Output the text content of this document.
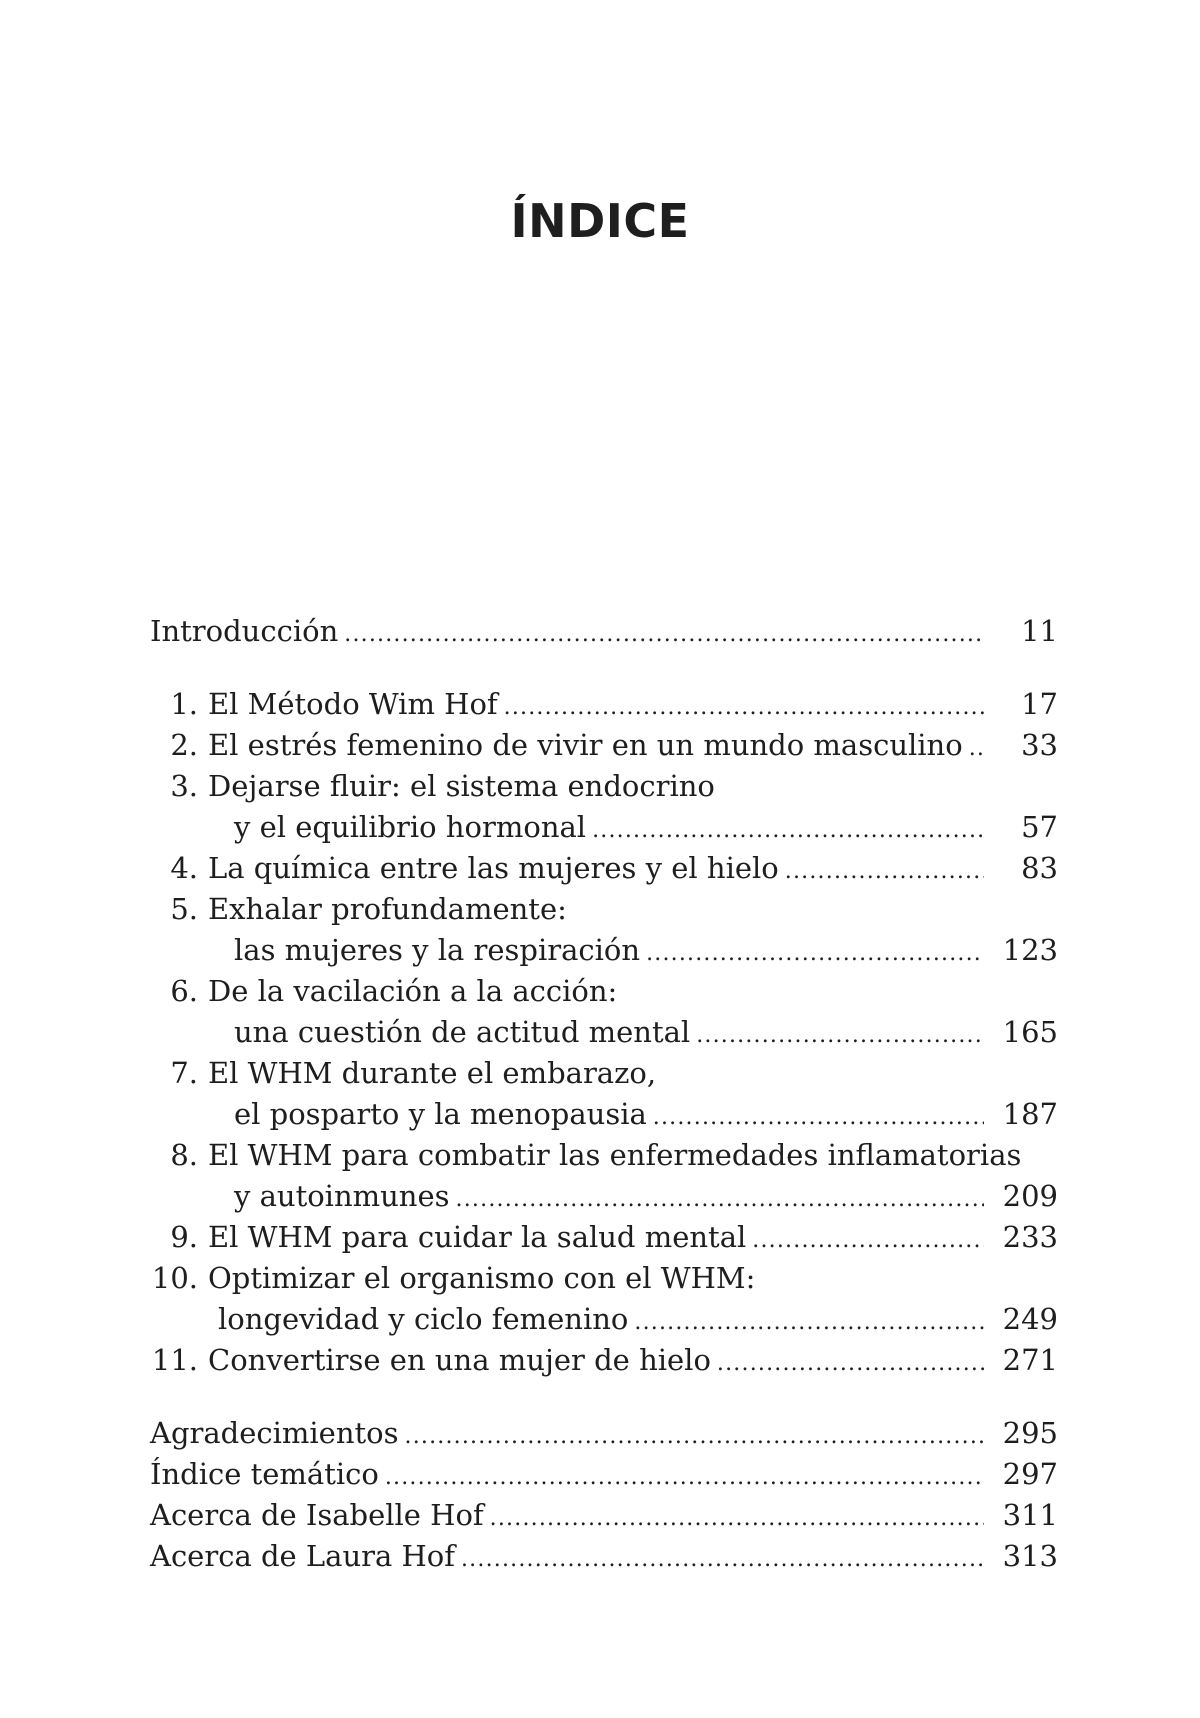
ÍNDICE
Introducción .....	11
1. El Método Wim Hof .....	17
2. El estrés femenino de vivir en un mundo masculino .....	33
3. Dejarse fluir: el sistema endocrino
y el equilibrio hormonal .....	57
4. La química entre las mujeres y el hielo .....	83
5. Exhalar profundamente:
las mujeres y la respiración .....	123
6. De la vacilación a la acción:
una cuestión de actitud mental .....	165
7. El WHM durante el embarazo,
el posparto y la menopausia .....	187
8. El WHM para combatir las enfermedades inflamatorias
y autoinmunes .....	209
9. El WHM para cuidar la salud mental .....	233
10. Optimizar el organismo con el WHM:
longevidad y ciclo femenino .....	249
11. Convertirse en una mujer de hielo .....	271
Agradecimientos .....	295
Índice temático .....	297
Acerca de Isabelle Hof .....	311
Acerca de Laura Hof .....	313
